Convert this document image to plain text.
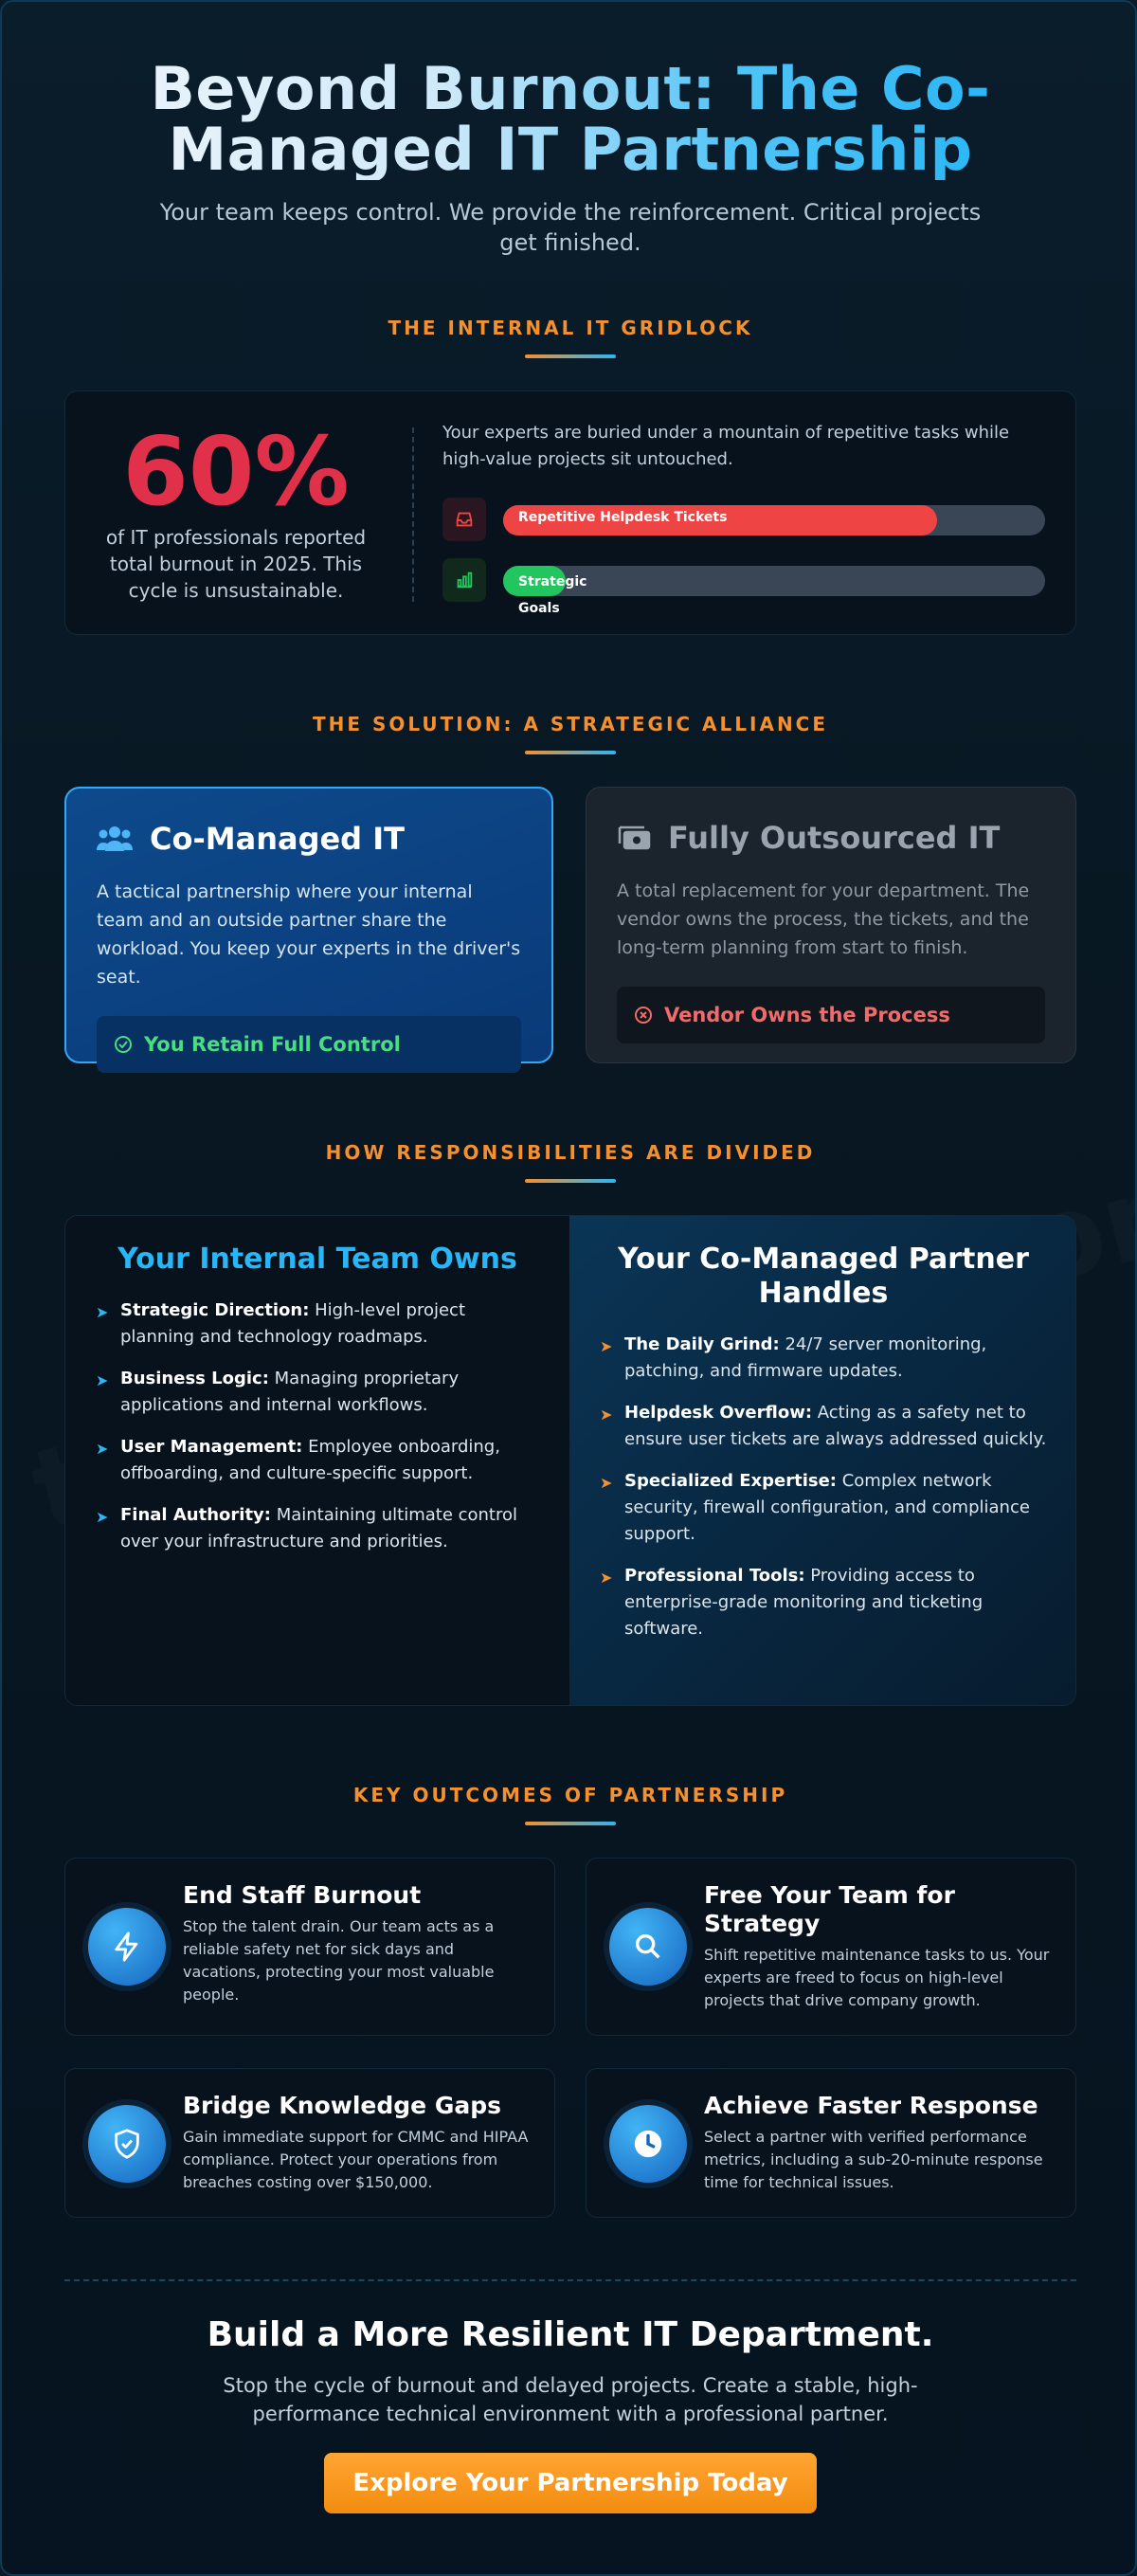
Beyond Burnout: The Co-Managed IT Partnership

Your team keeps control. We provide the reinforcement. Critical projects get finished.

THE INTERNAL IT GRIDLOCK
60%
of IT professionals reported total burnout in 2025. This cycle is unsustainable.
Your experts are buried under a mountain of repetitive tasks while high-value projects sit untouched.
Repetitive Helpdesk Tickets
Strategic Goals
THE SOLUTION: A STRATEGIC ALLIANCE
Co-Managed IT
A tactical partnership where your internal team and an outside partner share the workload. You keep your experts in the driver's seat.
You Retain Full Control
Fully Outsourced IT
A total replacement for your department. The vendor owns the process, the tickets, and the long-term planning from start to finish.
Vendor Owns the Process
HOW RESPONSIBILITIES ARE DIVIDED
Your Internal Team Owns
➤ Strategic Direction: High-level project planning and technology roadmaps.
➤ Business Logic: Managing proprietary applications and internal workflows.
➤ User Management: Employee onboarding, offboarding, and culture-specific support.
➤ Final Authority: Maintaining ultimate control over your infrastructure and priorities.
Your Co-Managed Partner Handles
➤ The Daily Grind: 24/7 server monitoring, patching, and firmware updates.
➤ Helpdesk Overflow: Acting as a safety net to ensure user tickets are always addressed quickly.
➤ Specialized Expertise: Complex network security, firewall configuration, and compliance support.
➤ Professional Tools: Providing access to enterprise-grade monitoring and ticketing software.
KEY OUTCOMES OF PARTNERSHIP
End Staff Burnout

Stop the talent drain. Our team acts as a reliable safety net for sick days and vacations, protecting your most valuable people.

Free Your Team for Strategy

Shift repetitive maintenance tasks to us. Your experts are freed to focus on high-level projects that drive company growth.

Bridge Knowledge Gaps

Gain immediate support for CMMC and HIPAA compliance. Protect your operations from breaches costing over $150,000.

Achieve Faster Response

Select a partner with verified performance metrics, including a sub-20-minute response time for technical issues.

Build a More Resilient IT Department.

Stop the cycle of burnout and delayed projects. Create a stable, high-performance technical environment with a professional partner.

Explore Your Partnership Today
